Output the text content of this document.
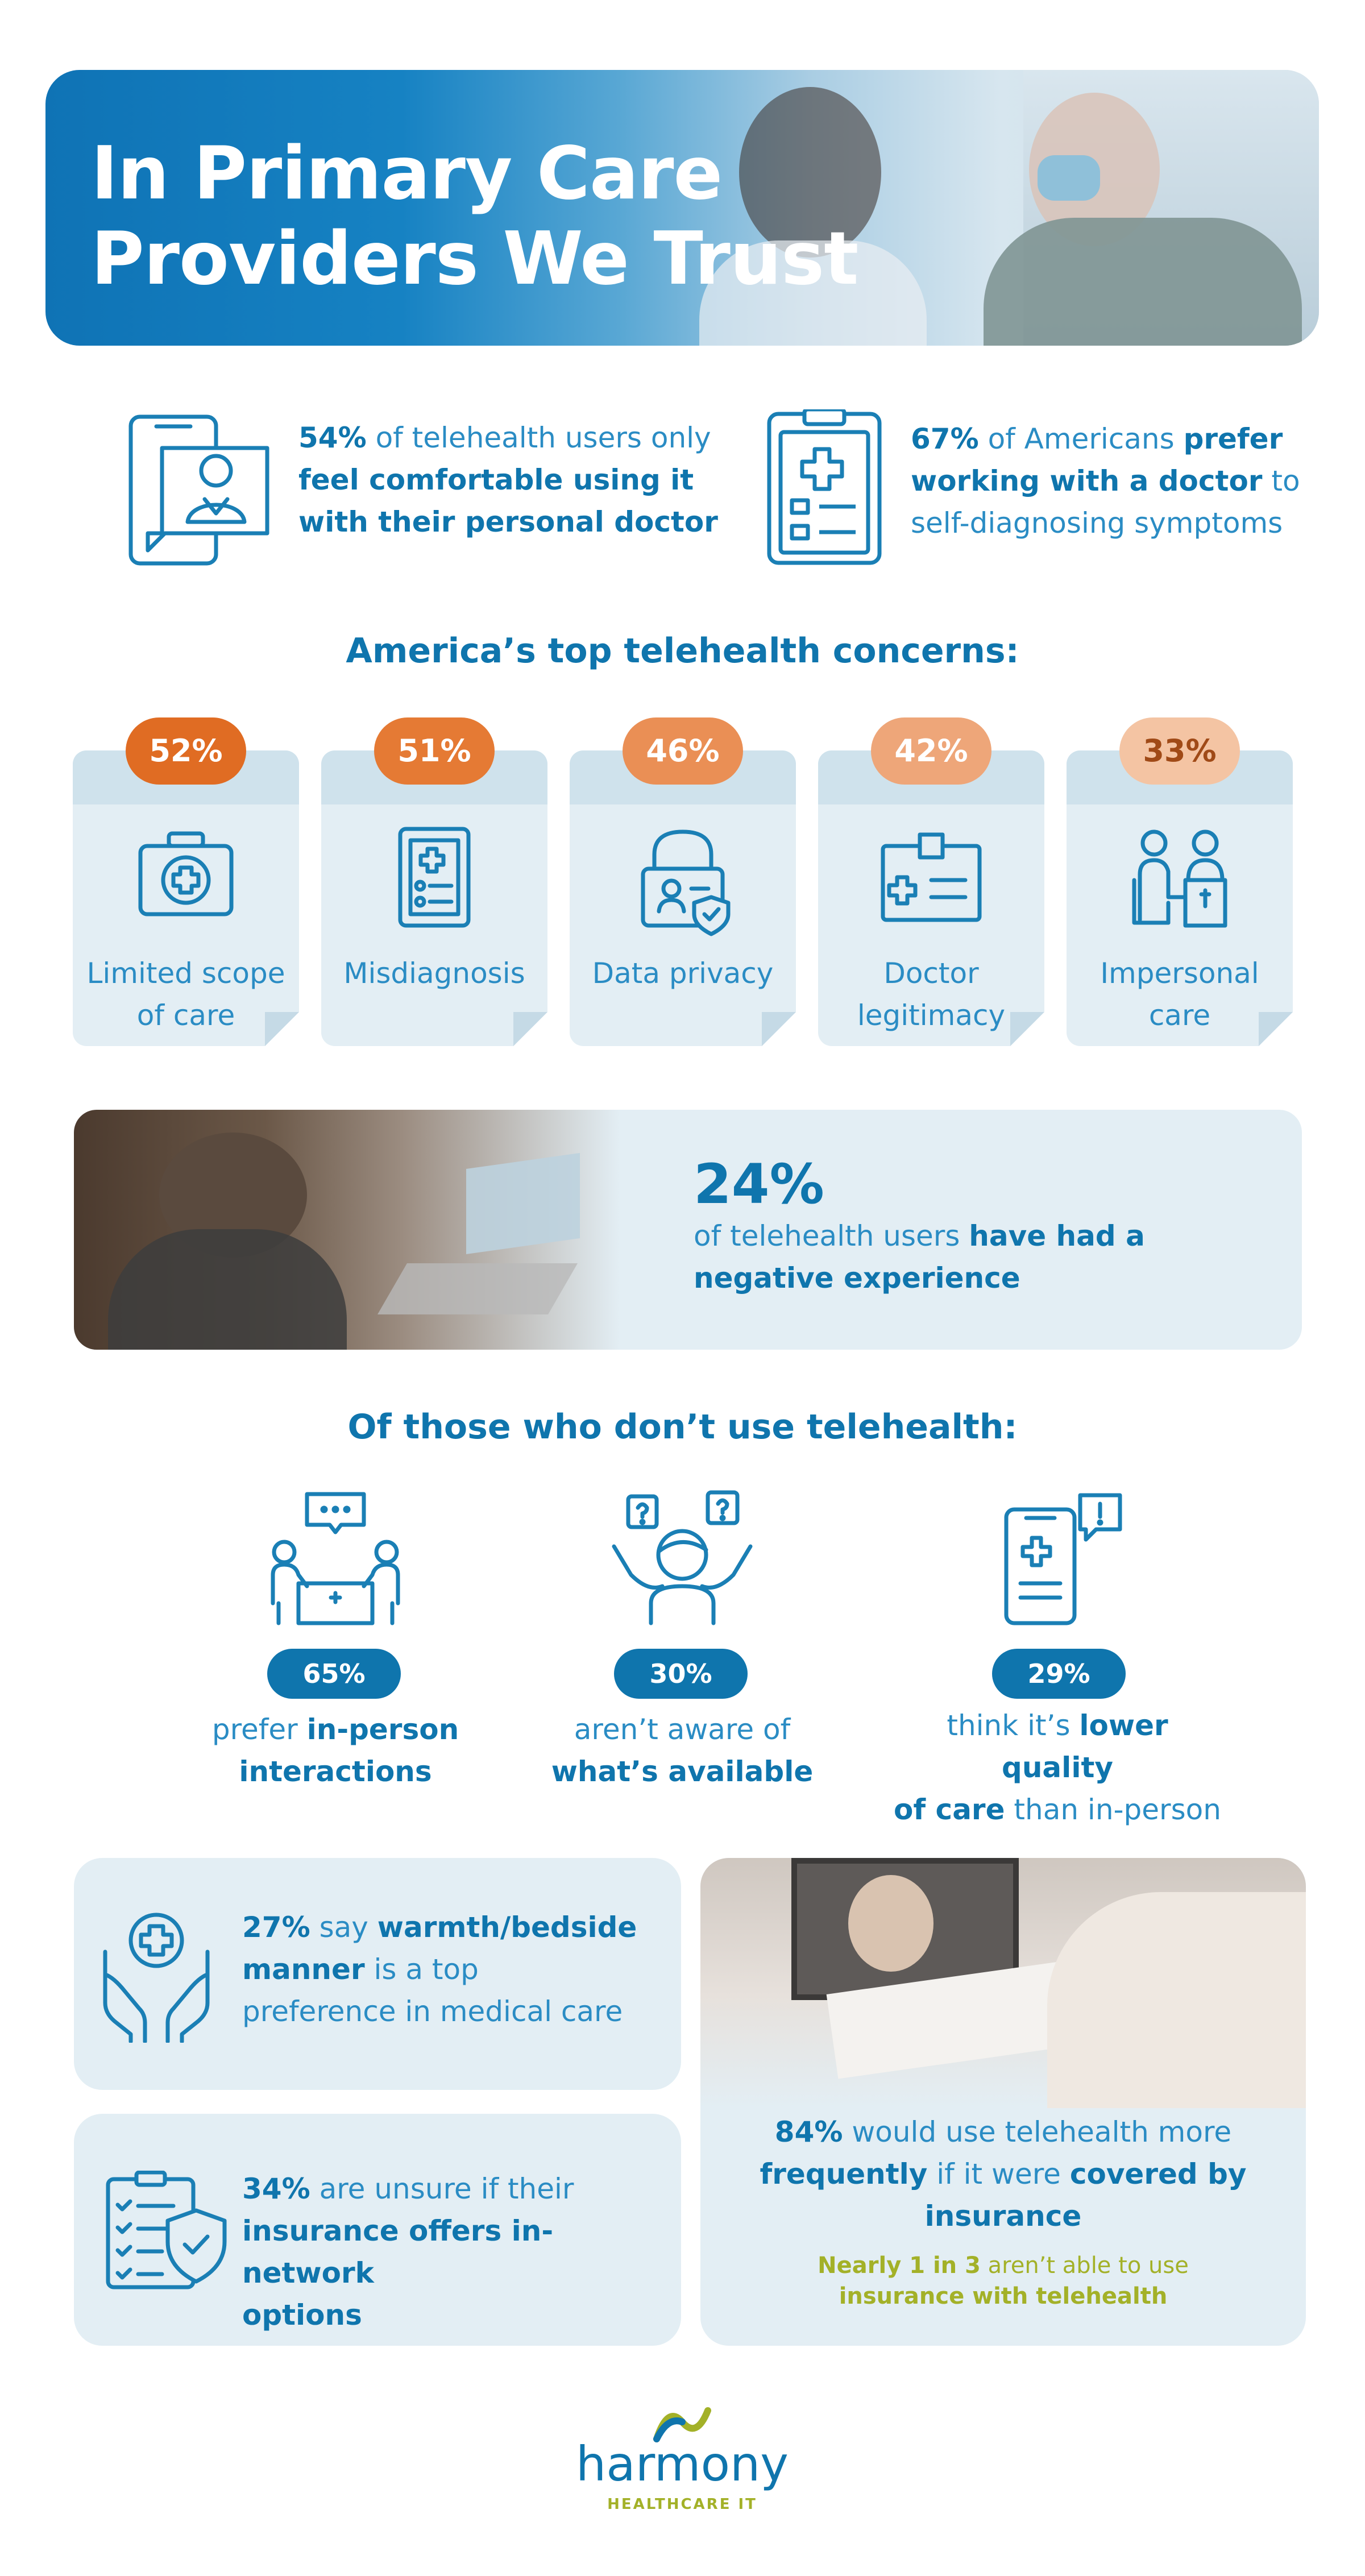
In Primary Care
Providers We Trust
54% of telehealth users only
feel comfortable using it
with their personal doctor
67% of Americans prefer
working with a doctor to
self-diagnosing symptoms
America’s top telehealth concerns:
Limited scope
of care
52%
Misdiagnosis

51%
Data privacy

46%
Doctor
legitimacy
42%
Impersonal
care
33%
24%
of telehealth users have had a
negative experience
Of those who don’t use telehealth:
65%
prefer in-person
interactions
30%
aren’t aware of
what’s available
29%
think it’s lower quality
of care than in-person
27% say warmth/bedside
manner is a top
preference in medical care
34% are unsure if their
insurance offers in-network
options
84% would use telehealth more
frequently if it were covered by
insurance
Nearly 1 in 3 aren’t able to use
insurance with telehealth
harmony
HEALTHCARE IT
